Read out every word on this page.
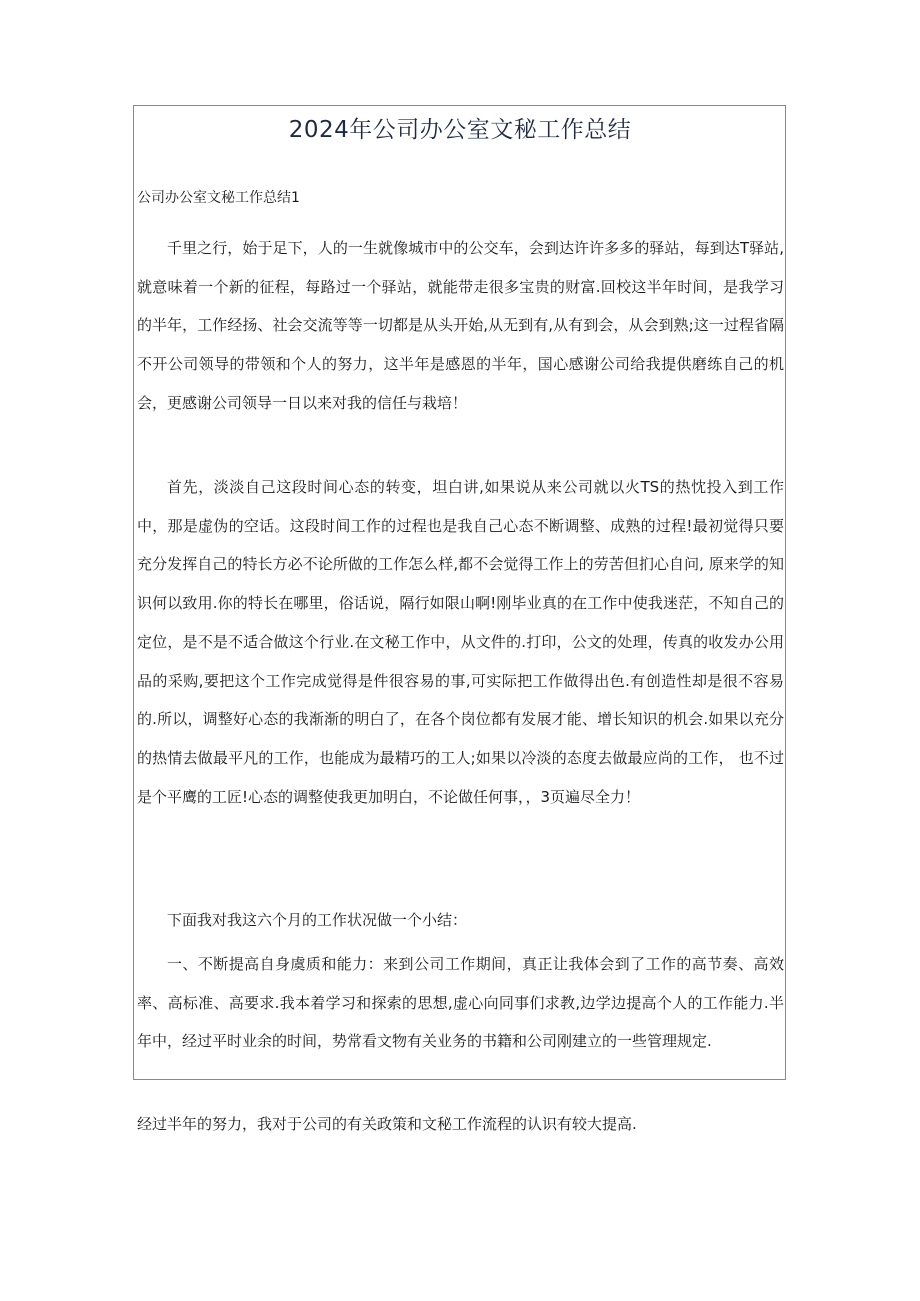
2024年公司办公室文秘工作总结

公司办公室文秘工作总结1

千里之行，始于足下，人的一生就像城市中的公交车，会到达许许多多的驿站，每到达T驿站,就意味着一个新的征程，每路过一个驿站，就能带走很多宝贵的财富.回校这半年时间，是我学习的半年，工作经扬、社会交流等等一切都是从头开始,从无到有,从有到会，从会到熟;这一过程省隔不开公司领导的带领和个人的努力，这半年是感恩的半年，国心感谢公司给我提供磨练自己的机会，更感谢公司领导一日以来对我的信任与栽培！

首先，淡淡自己这段时间心态的转变，坦白讲,如果说从来公司就以火TS的热忱投入到工作中，那是虚伪的空话。这段时间工作的过程也是我自己心态不断调整、成熟的过程!最初觉得只要充分发挥自己的特长方必不论所做的工作怎么样,都不会觉得工作上的劳苦但扪心自问, 原来学的知识何以致用.你的特长在哪里，俗话说，隔行如限山啊!刚毕业真的在工作中使我迷茫，不知自己的定位，是不是不适合做这个行业.在文秘工作中，从文件的.打印，公文的处理，传真的收发办公用品的采购,要把这个工作完成觉得是件很容易的事,可实际把工作做得出色.有创造性却是很不容易的.所以，调整好心态的我渐渐的明白了，在各个岗位都有发展才能、增长知识的机会.如果以充分的热情去做最平凡的工作，也能成为最精巧的工人;如果以冷淡的态度去做最应尚的工作， 也不过是个平鹰的工匠!心态的调整使我更加明白，不论做任何事，，3页遍尽全力！

下面我对我这六个月的工作状况做一个小结：

一、不断提高自身虞质和能力：来到公司工作期间，真正让我体会到了工作的高节奏、高效率、高标准、高要求.我本着学习和探索的思想,虚心向同事们求教,边学边提高个人的工作能力.半年中，经过平时业余的时间，势常看文物有关业务的书籍和公司刚建立的一些管理规定.

经过半年的努力，我对于公司的有关政策和文秘工作流程的认识有较大提高.
